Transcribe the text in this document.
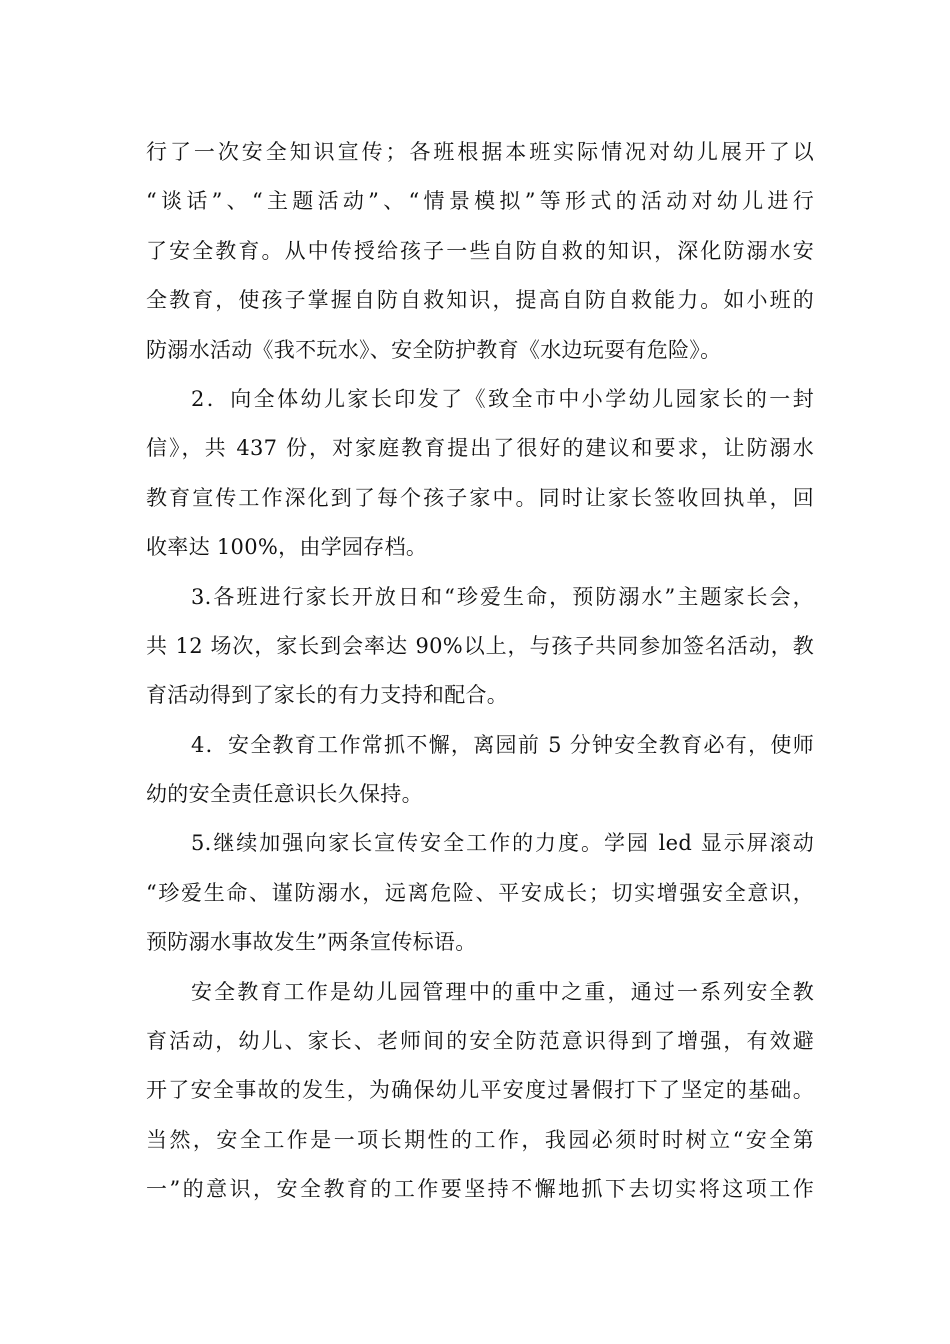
行了一次安全知识宣传；各班根据本班实际情况对幼儿展开了以
“谈话”、“主题活动”、“情景模拟”等形式的活动对幼儿进行
了安全教育。从中传授给孩子一些自防自救的知识，深化防溺水安
全教育，使孩子掌握自防自救知识，提高自防自救能力。如小班的
防溺水活动《我不玩水》、安全防护教育《水边玩耍有危险》。
2．向全体幼儿家长印发了《致全市中小学幼儿园家长的一封
信》，共 437 份，对家庭教育提出了很好的建议和要求，让防溺水
教育宣传工作深化到了每个孩子家中。同时让家长签收回执单，回
收率达 100%，由学园存档。
3.各班进行家长开放日和“珍爱生命，预防溺水”主题家长会，
共 12 场次，家长到会率达 90%以上，与孩子共同参加签名活动，教
育活动得到了家长的有力支持和配合。
4．安全教育工作常抓不懈，离园前 5 分钟安全教育必有，使师
幼的安全责任意识长久保持。
5.继续加强向家长宣传安全工作的力度。学园 led 显示屏滚动
“珍爱生命、谨防溺水，远离危险、平安成长；切实增强安全意识，
预防溺水事故发生”两条宣传标语。
安全教育工作是幼儿园管理中的重中之重，通过一系列安全教
育活动，幼儿、家长、老师间的安全防范意识得到了增强，有效避
开了安全事故的发生，为确保幼儿平安度过暑假打下了坚定的基础。
当然，安全工作是一项长期性的工作，我园必须时时树立“安全第
一”的意识，安全教育的工作要坚持不懈地抓下去切实将这项工作
